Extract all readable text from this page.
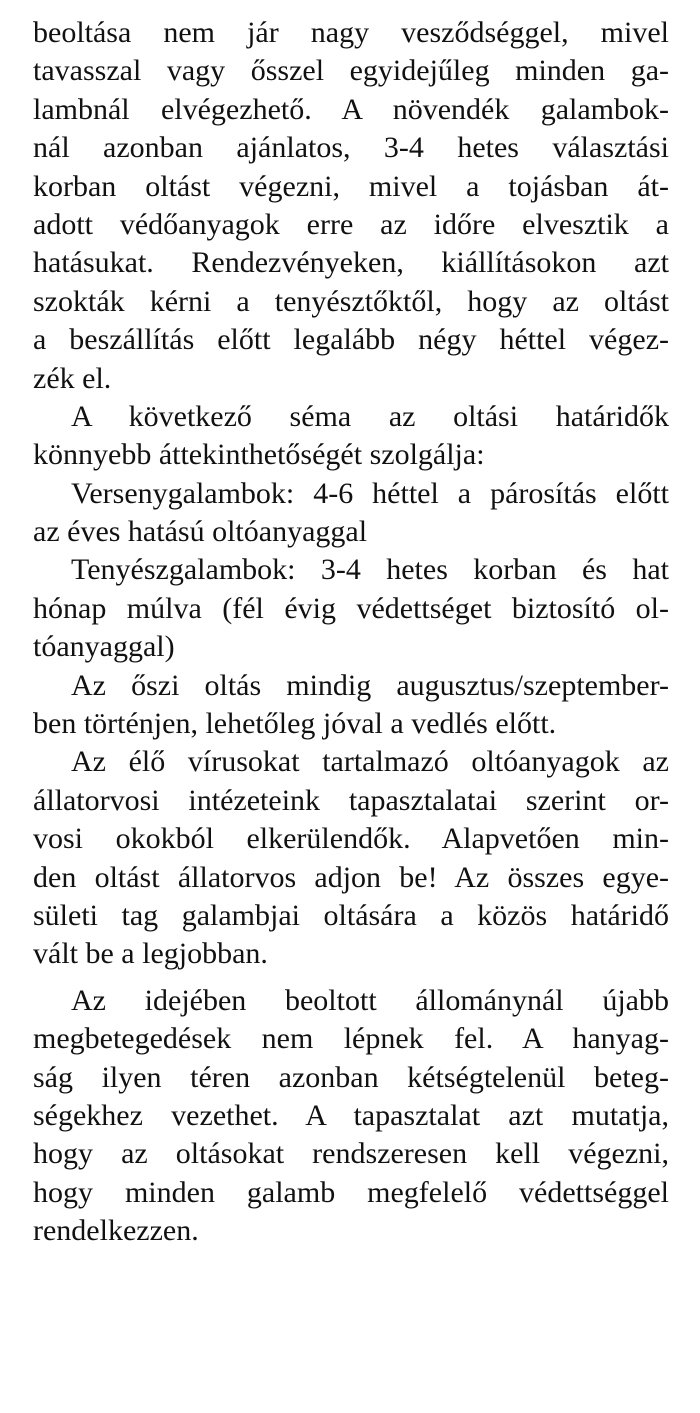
beoltása nem jár nagy vesződséggel, mivel
tavasszal vagy ősszel egyidejűleg minden ga-
lambnál elvégezhető. A növendék galambok-
nál azonban ajánlatos, 3-4 hetes választási
korban oltást végezni, mivel a tojásban át-
adott védőanyagok erre az időre elvesztik a
hatásukat. Rendezvényeken, kiállításokon azt
szokták kérni a tenyésztőktől, hogy az oltást
a beszállítás előtt legalább négy héttel végez-
zék el.
A következő séma az oltási határidők
könnyebb áttekinthetőségét szolgálja:
Versenygalambok: 4-6 héttel a párosítás előtt
az éves hatású oltóanyaggal
Tenyészgalambok: 3-4 hetes korban és hat
hónap múlva (fél évig védettséget biztosító ol-
tóanyaggal)
Az őszi oltás mindig augusztus/szeptember-
ben történjen, lehetőleg jóval a vedlés előtt.
Az élő vírusokat tartalmazó oltóanyagok az
állatorvosi intézeteink tapasztalatai szerint or-
vosi okokból elkerülendők. Alapvetően min-
den oltást állatorvos adjon be! Az összes egye-
sületi tag galambjai oltására a közös határidő
vált be a legjobban.
Az idejében beoltott állománynál újabb
megbetegedések nem lépnek fel. A hanyag-
ság ilyen téren azonban kétségtelenül beteg-
ségekhez vezethet. A tapasztalat azt mutatja,
hogy az oltásokat rendszeresen kell végezni,
hogy minden galamb megfelelő védettséggel
rendelkezzen.
